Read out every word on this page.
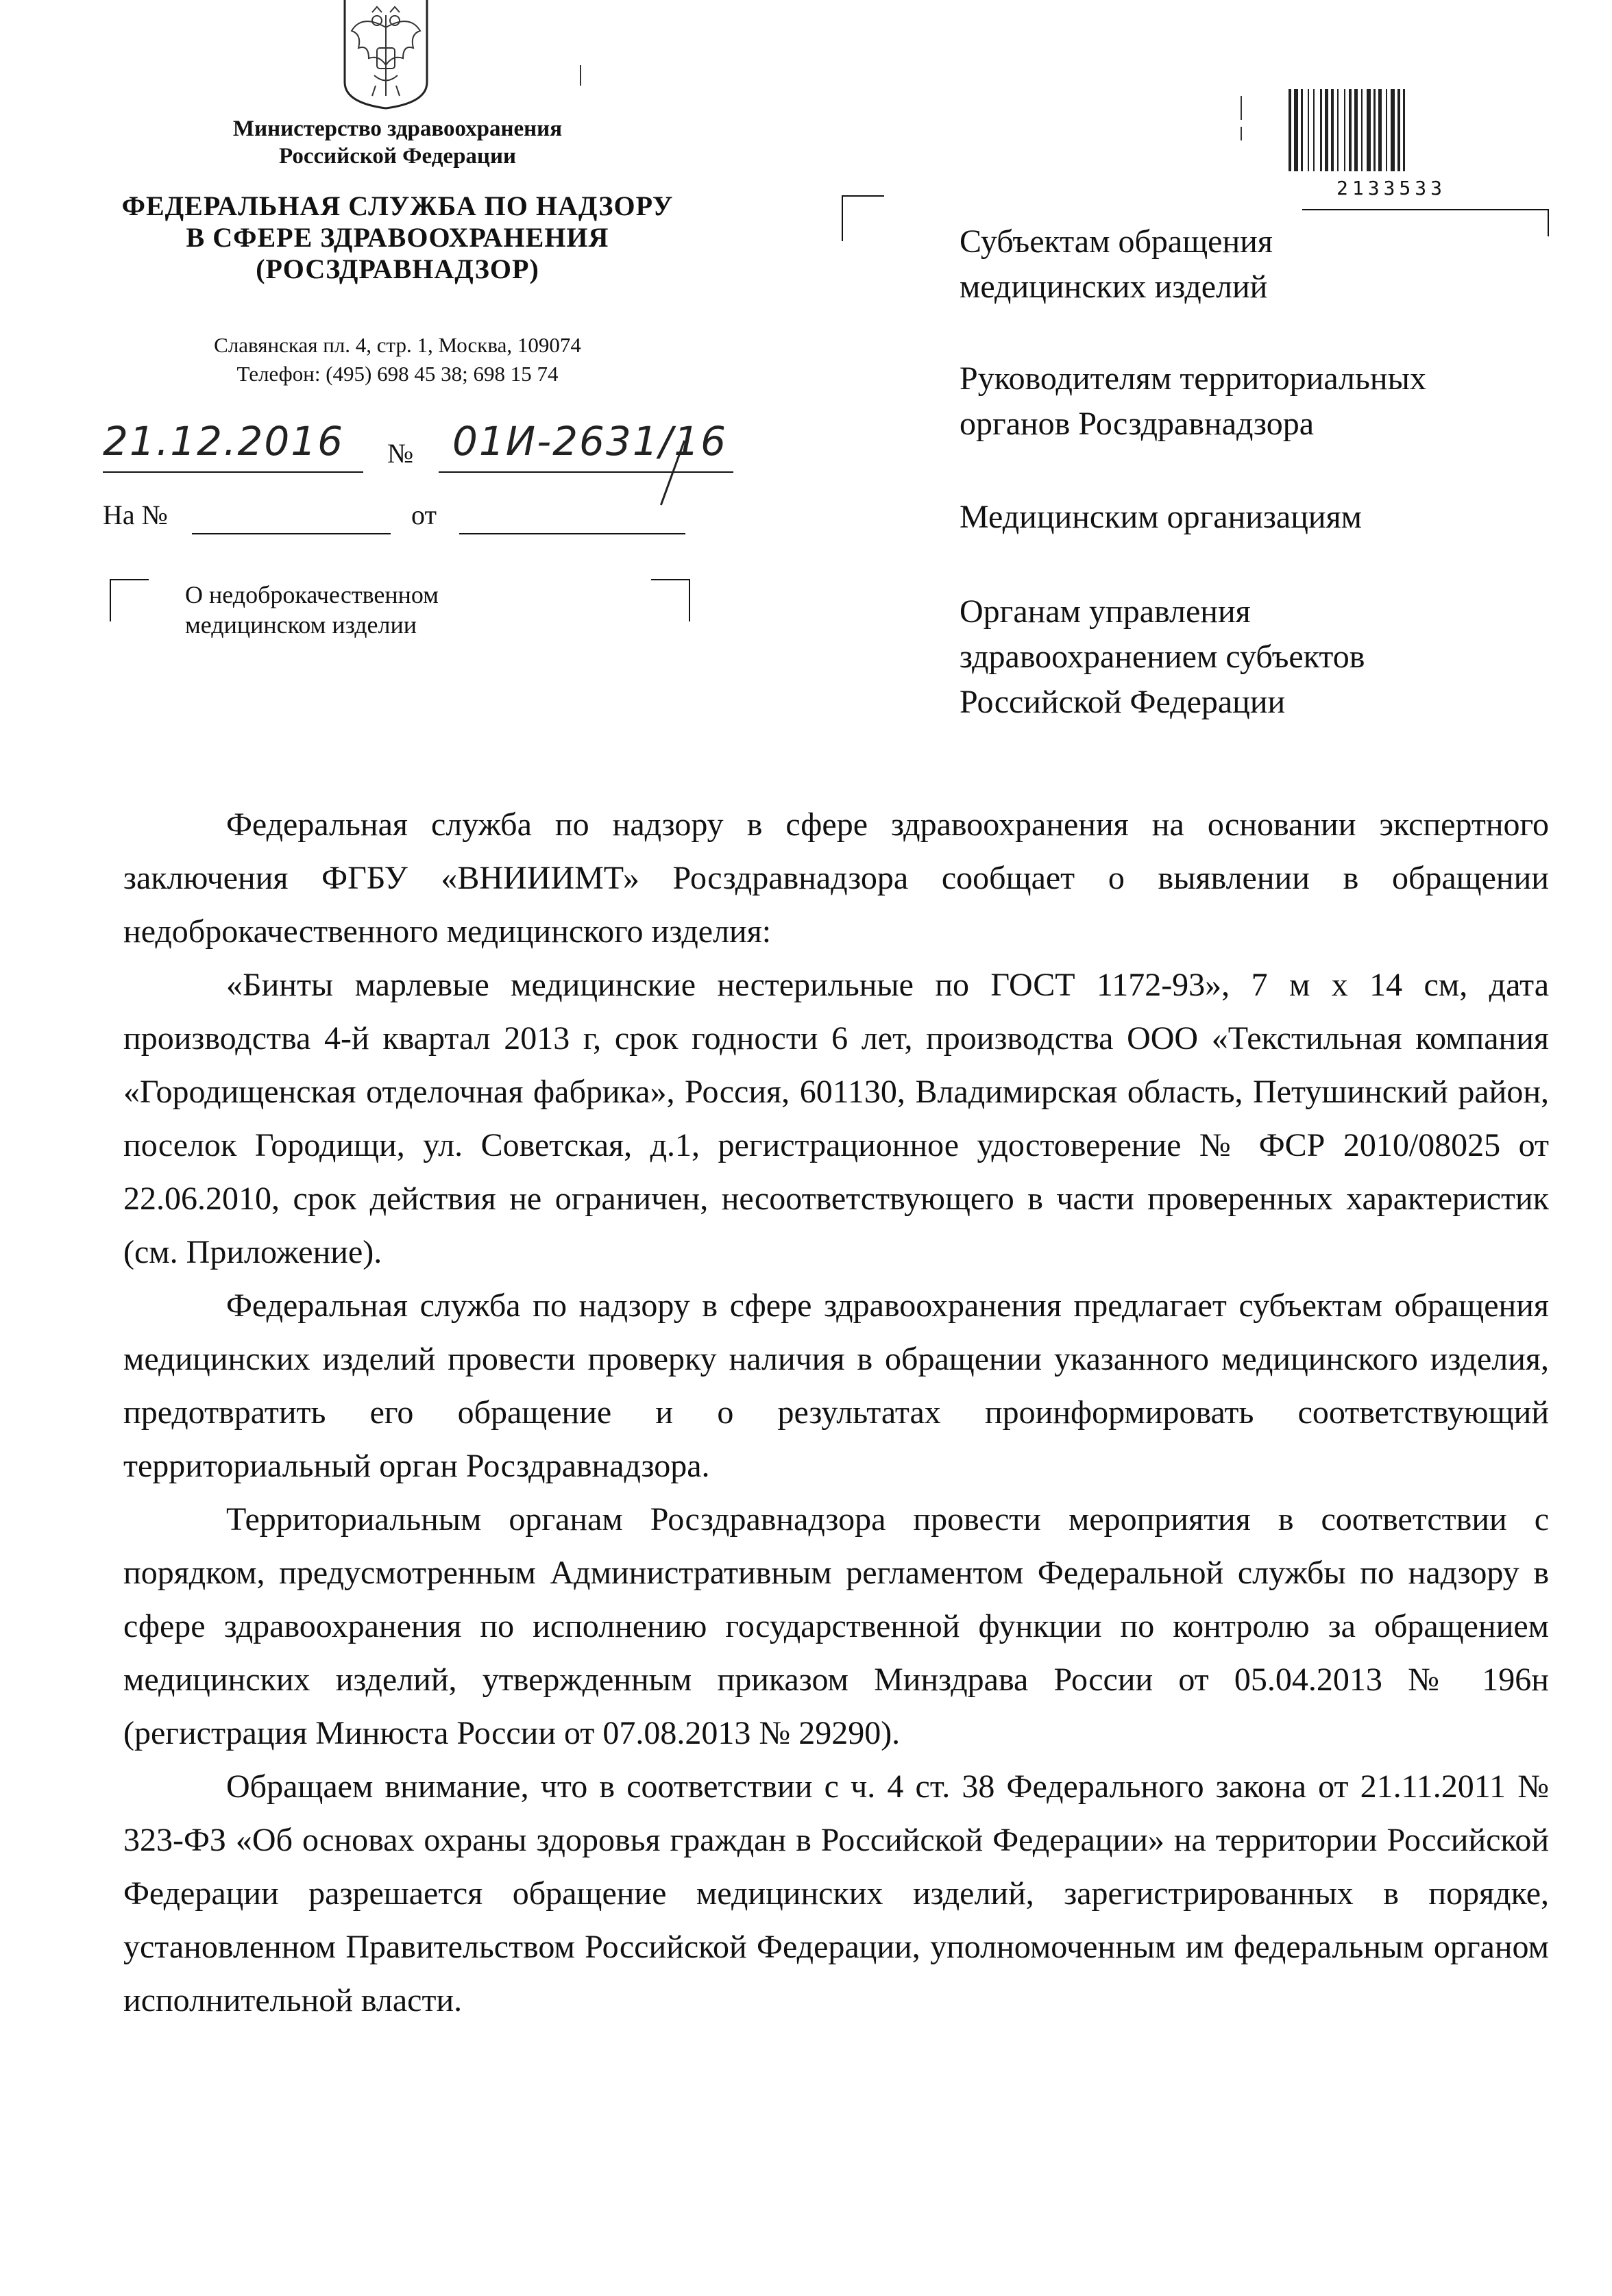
Министерство здравоохранения
Российской Федерации
ФЕДЕРАЛЬНАЯ СЛУЖБА ПО НАДЗОРУ
В СФЕРЕ ЗДРАВООХРАНЕНИЯ
(РОСЗДРАВНАДЗОР)
Славянская пл. 4, стр. 1, Москва, 109074
Телефон: (495) 698 45 38; 698 15 74
21.12.2016 № 01И-2631/16
На №	от
О недоброкачественном
медицинском изделии
2133533
Субъектам обращения
медицинских изделий
Руководителям территориальных
органов Росздравнадзора
Медицинским организациям
Органам управления
здравоохранением субъектов
Российской Федерации

Федеральная служба по надзору в сфере здравоохранения на основании экспертного заключения ФГБУ «ВНИИИМТ» Росздравнадзора сообщает о выявлении в обращении недоброкачественного медицинского изделия:

«Бинты марлевые медицинские нестерильные по ГОСТ 1172-93», 7 м х 14 см, дата производства 4-й квартал 2013 г, срок годности 6 лет, производства ООО «Текстильная компания «Городищенская отделочная фабрика», Россия, 601130, Владимирская область, Петушинский район, поселок Городищи, ул. Советская, д.1, регистрационное удостоверение № ФСР 2010/08025 от 22.06.2010, срок действия не ограничен, несоответствующего в части проверенных характеристик (см. Приложение).

Федеральная служба по надзору в сфере здравоохранения предлагает субъектам обращения медицинских изделий провести проверку наличия в обращении указанного медицинского изделия, предотвратить его обращение и о результатах проинформировать соответствующий территориальный орган Росздравнадзора.

Территориальным органам Росздравнадзора провести мероприятия в соответствии с порядком, предусмотренным Административным регламентом Федеральной службы по надзору в сфере здравоохранения по исполнению государственной функции по контролю за обращением медицинских изделий, утвержденным приказом Минздрава России от 05.04.2013 № 196н (регистрация Минюста России от 07.08.2013 № 29290).

Обращаем внимание, что в соответствии с ч. 4 ст. 38 Федерального закона от 21.11.2011 № 323-ФЗ «Об основах охраны здоровья граждан в Российской Федерации» на территории Российской Федерации разрешается обращение медицинских изделий, зарегистрированных в порядке, установленном Правительством Российской Федерации, уполномоченным им федеральным органом исполнительной власти.
